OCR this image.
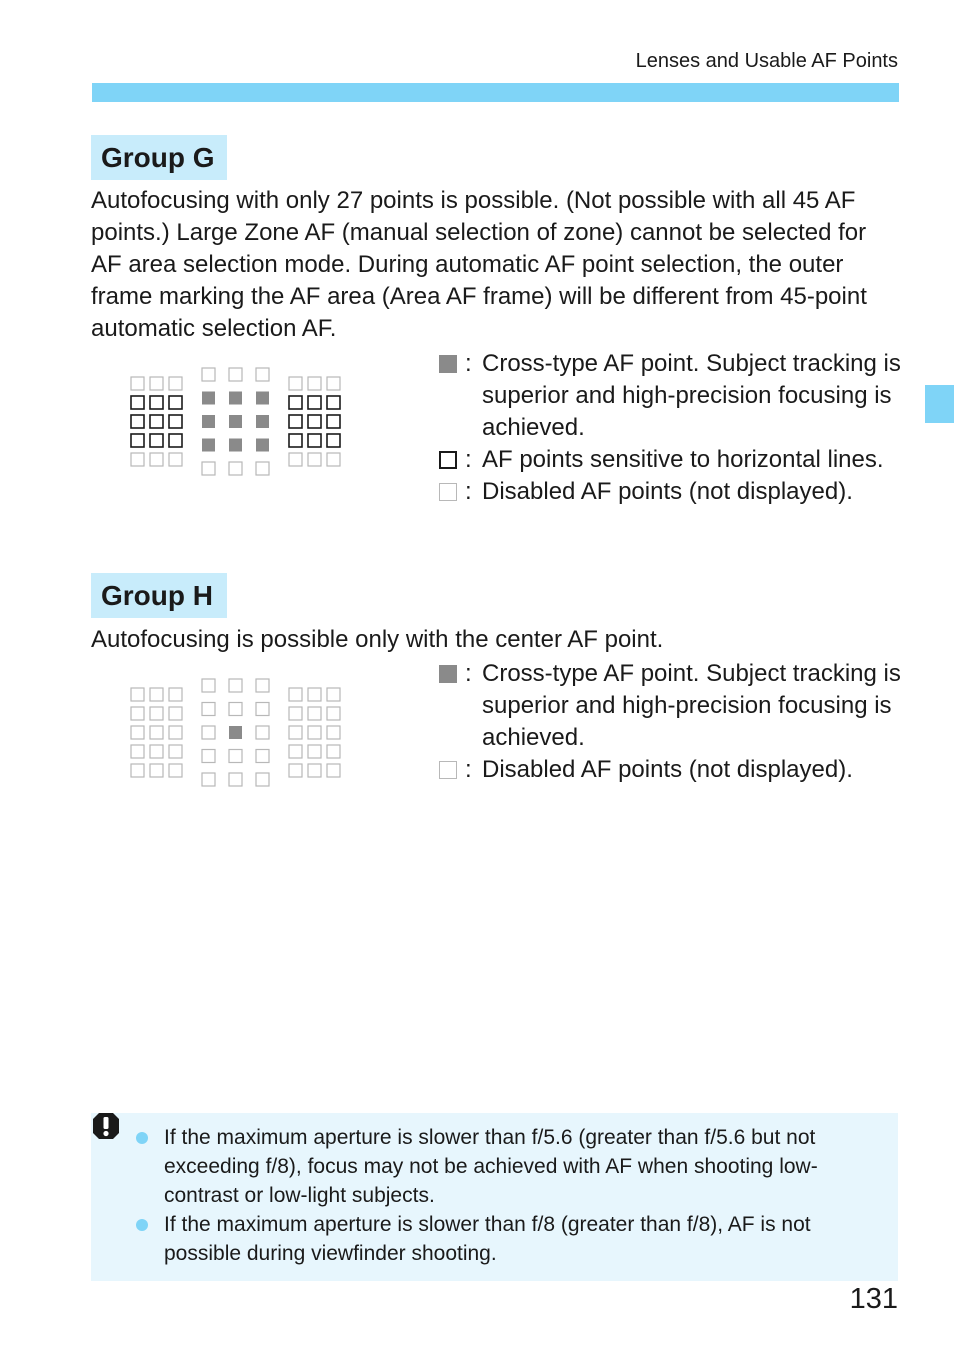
Lenses and Usable AF Points
Group G

Autofocusing with only 27 points is possible. (Not possible with all 45 AF points.) Large Zone AF (manual selection of zone) cannot be selected for AF area selection mode. During automatic AF point selection, the outer frame marking the AF area (Area AF frame) will be different from 45-point automatic selection AF.

: Cross-type AF point. Subject tracking is superior and high-precision focusing is achieved.
: AF points sensitive to horizontal lines.
: Disabled AF points (not displayed).
Group H

Autofocusing is possible only with the center AF point.

: Cross-type AF point. Subject tracking is superior and high-precision focusing is achieved.
: Disabled AF points (not displayed).
If the maximum aperture is slower than f/5.6 (greater than f/5.6 but not exceeding f/8), focus may not be achieved with AF when shooting low-contrast or low-light subjects.
If the maximum aperture is slower than f/8 (greater than f/8), AF is not possible during viewfinder shooting.
131
